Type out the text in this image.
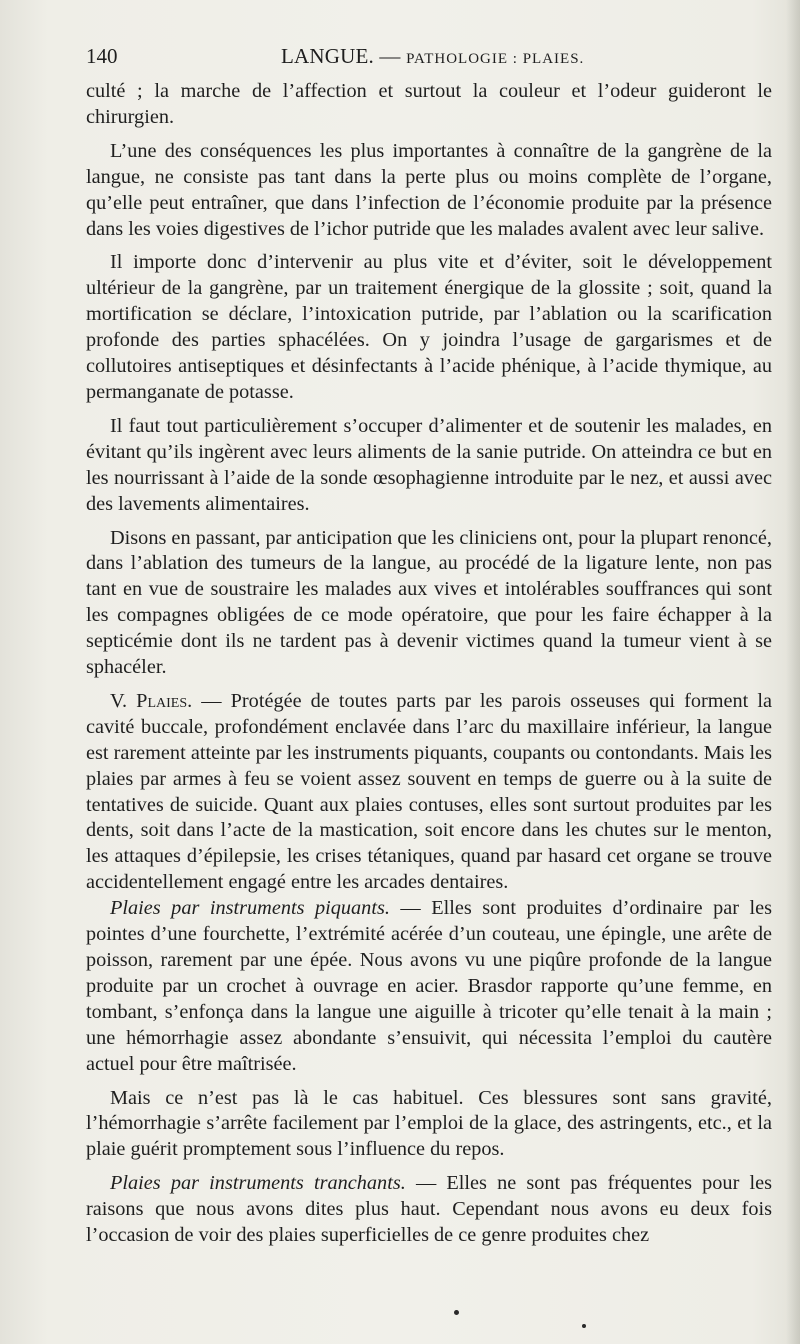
140	LANGUE. — PATHOLOGIE : PLAIES.

culté ; la marche de l’affection et surtout la couleur et l’odeur guideront le chirurgien.

L’une des conséquences les plus importantes à connaître de la gangrène de la langue, ne consiste pas tant dans la perte plus ou moins complète de l’organe, qu’elle peut entraîner, que dans l’infection de l’économie produite par la présence dans les voies digestives de l’ichor putride que les malades avalent avec leur salive.

Il importe donc d’intervenir au plus vite et d’éviter, soit le développement ultérieur de la gangrène, par un traitement énergique de la glossite ; soit, quand la mortification se déclare, l’intoxication putride, par l’ablation ou la scarification profonde des parties sphacélées. On y joindra l’usage de gargarismes et de collutoires antiseptiques et désinfectants à l’acide phénique, à l’acide thymique, au permanganate de potasse.

Il faut tout particulièrement s’occuper d’alimenter et de soutenir les malades, en évitant qu’ils ingèrent avec leurs aliments de la sanie putride. On atteindra ce but en les nourrissant à l’aide de la sonde œsophagienne introduite par le nez, et aussi avec des lavements alimentaires.

Disons en passant, par anticipation que les cliniciens ont, pour la plupart renoncé, dans l’ablation des tumeurs de la langue, au procédé de la ligature lente, non pas tant en vue de soustraire les malades aux vives et intolérables souffrances qui sont les compagnes obligées de ce mode opératoire, que pour les faire échapper à la septicémie dont ils ne tardent pas à devenir victimes quand la tumeur vient à se sphacéler.

V. Plaies. — Protégée de toutes parts par les parois osseuses qui forment la cavité buccale, profondément enclavée dans l’arc du maxillaire inférieur, la langue est rarement atteinte par les instruments piquants, coupants ou contondants. Mais les plaies par armes à feu se voient assez souvent en temps de guerre ou à la suite de tentatives de suicide. Quant aux plaies contuses, elles sont surtout produites par les dents, soit dans l’acte de la mastication, soit encore dans les chutes sur le menton, les attaques d’épilepsie, les crises tétaniques, quand par hasard cet organe se trouve accidentellement engagé entre les arcades dentaires.

Plaies par instruments piquants. — Elles sont produites d’ordinaire par les pointes d’une fourchette, l’extrémité acérée d’un couteau, une épingle, une arête de poisson, rarement par une épée. Nous avons vu une piqûre profonde de la langue produite par un crochet à ouvrage en acier. Brasdor rapporte qu’une femme, en tombant, s’enfonça dans la langue une aiguille à tricoter qu’elle tenait à la main ; une hémorrhagie assez abondante s’ensuivit, qui nécessita l’emploi du cautère actuel pour être maîtrisée.

Mais ce n’est pas là le cas habituel. Ces blessures sont sans gravité, l’hémorrhagie s’arrête facilement par l’emploi de la glace, des astringents, etc., et la plaie guérit promptement sous l’influence du repos.

Plaies par instruments tranchants. — Elles ne sont pas fréquentes pour les raisons que nous avons dites plus haut. Cependant nous avons eu deux fois l’occasion de voir des plaies superficielles de ce genre produites chez
